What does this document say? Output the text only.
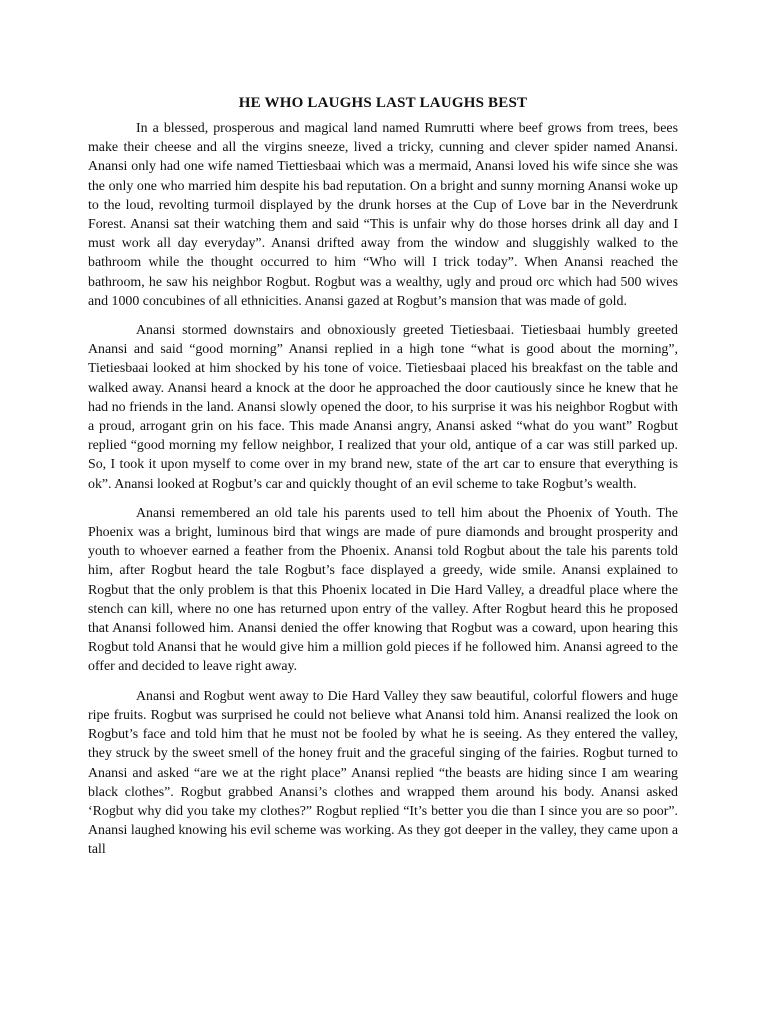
HE WHO LAUGHS LAST LAUGHS BEST

In a blessed, prosperous and magical land named Rumrutti where beef grows from trees, bees make their cheese and all the virgins sneeze, lived a tricky, cunning and clever spider named Anansi. Anansi only had one wife named Tiettiesbaai which was a mermaid, Anansi loved his wife since she was the only one who married him despite his bad reputation. On a bright and sunny morning Anansi woke up to the loud, revolting turmoil displayed by the drunk horses at the Cup of Love bar in the Neverdrunk Forest. Anansi sat their watching them and said “This is unfair why do those horses drink all day and I must work all day everyday”. Anansi drifted away from the window and sluggishly walked to the bathroom while the thought occurred to him “Who will I trick today”. When Anansi reached the bathroom, he saw his neighbor Rogbut. Rogbut was a wealthy, ugly and proud orc which had 500 wives and 1000 concubines of all ethnicities. Anansi gazed at Rogbut’s mansion that was made of gold.

Anansi stormed downstairs and obnoxiously greeted Tietiesbaai. Tietiesbaai humbly greeted Anansi and said “good morning” Anansi replied in a high tone “what is good about the morning”, Tietiesbaai looked at him shocked by his tone of voice. Tietiesbaai placed his breakfast on the table and walked away. Anansi heard a knock at the door he approached the door cautiously since he knew that he had no friends in the land. Anansi slowly opened the door, to his surprise it was his neighbor Rogbut with a proud, arrogant grin on his face. This made Anansi angry, Anansi asked “what do you want” Rogbut replied “good morning my fellow neighbor, I realized that your old, antique of a car was still parked up. So, I took it upon myself to come over in my brand new, state of the art car to ensure that everything is ok”. Anansi looked at Rogbut’s car and quickly thought of an evil scheme to take Rogbut’s wealth.

Anansi remembered an old tale his parents used to tell him about the Phoenix of Youth. The Phoenix was a bright, luminous bird that wings are made of pure diamonds and brought prosperity and youth to whoever earned a feather from the Phoenix. Anansi told Rogbut about the tale his parents told him, after Rogbut heard the tale Rogbut’s face displayed a greedy, wide smile. Anansi explained to Rogbut that the only problem is that this Phoenix located in Die Hard Valley, a dreadful place where the stench can kill, where no one has returned upon entry of the valley. After Rogbut heard this he proposed that Anansi followed him. Anansi denied the offer knowing that Rogbut was a coward, upon hearing this Rogbut told Anansi that he would give him a million gold pieces if he followed him. Anansi agreed to the offer and decided to leave right away.

Anansi and Rogbut went away to Die Hard Valley they saw beautiful, colorful flowers and huge ripe fruits. Rogbut was surprised he could not believe what Anansi told him. Anansi realized the look on Rogbut’s face and told him that he must not be fooled by what he is seeing. As they entered the valley, they struck by the sweet smell of the honey fruit and the graceful singing of the fairies. Rogbut turned to Anansi and asked “are we at the right place” Anansi replied “the beasts are hiding since I am wearing black clothes”. Rogbut grabbed Anansi’s clothes and wrapped them around his body. Anansi asked ‘Rogbut why did you take my clothes?” Rogbut replied “It’s better you die than I since you are so poor”. Anansi laughed knowing his evil scheme was working. As they got deeper in the valley, they came upon a tall
